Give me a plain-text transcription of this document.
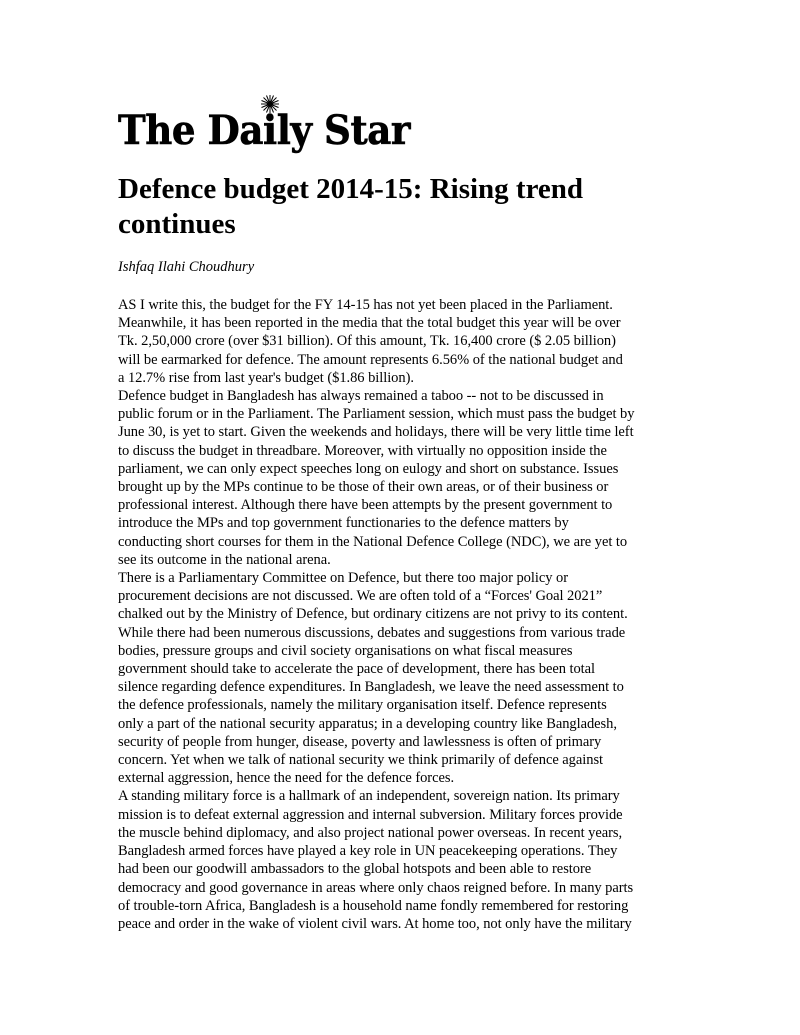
The Daily Star
Defence budget 2014-15: Rising trend
continues

Ishfaq Ilahi Choudhury

AS I write this, the budget for the FY 14-15 has not yet been placed in the Parliament.

Meanwhile, it has been reported in the media that the total budget this year will be over

Tk. 2,50,000 crore (over $31 billion). Of this amount, Tk. 16,400 crore ($ 2.05 billion)

will be earmarked for defence. The amount represents 6.56% of the national budget and

a 12.7% rise from last year's budget ($1.86 billion).

Defence budget in Bangladesh has always remained a taboo -- not to be discussed in

public forum or in the Parliament. The Parliament session, which must pass the budget by

June 30, is yet to start. Given the weekends and holidays, there will be very little time left

to discuss the budget in threadbare. Moreover, with virtually no opposition inside the

parliament, we can only expect speeches long on eulogy and short on substance. Issues

brought up by the MPs continue to be those of their own areas, or of their business or

professional interest. Although there have been attempts by the present government to

introduce the MPs and top government functionaries to the defence matters by

conducting short courses for them in the National Defence College (NDC), we are yet to

see its outcome in the national arena.

There is a Parliamentary Committee on Defence, but there too major policy or

procurement decisions are not discussed. We are often told of a “Forces' Goal 2021”

chalked out by the Ministry of Defence, but ordinary citizens are not privy to its content.

While there had been numerous discussions, debates and suggestions from various trade

bodies, pressure groups and civil society organisations on what fiscal measures

government should take to accelerate the pace of development, there has been total

silence regarding defence expenditures. In Bangladesh, we leave the need assessment to

the defence professionals, namely the military organisation itself. Defence represents

only a part of the national security apparatus; in a developing country like Bangladesh,

security of people from hunger, disease, poverty and lawlessness is often of primary

concern. Yet when we talk of national security we think primarily of defence against

external aggression, hence the need for the defence forces.

A standing military force is a hallmark of an independent, sovereign nation. Its primary

mission is to defeat external aggression and internal subversion. Military forces provide

the muscle behind diplomacy, and also project national power overseas. In recent years,

Bangladesh armed forces have played a key role in UN peacekeeping operations. They

had been our goodwill ambassadors to the global hotspots and been able to restore

democracy and good governance in areas where only chaos reigned before. In many parts

of trouble-torn Africa, Bangladesh is a household name fondly remembered for restoring

peace and order in the wake of violent civil wars. At home too, not only have the military
